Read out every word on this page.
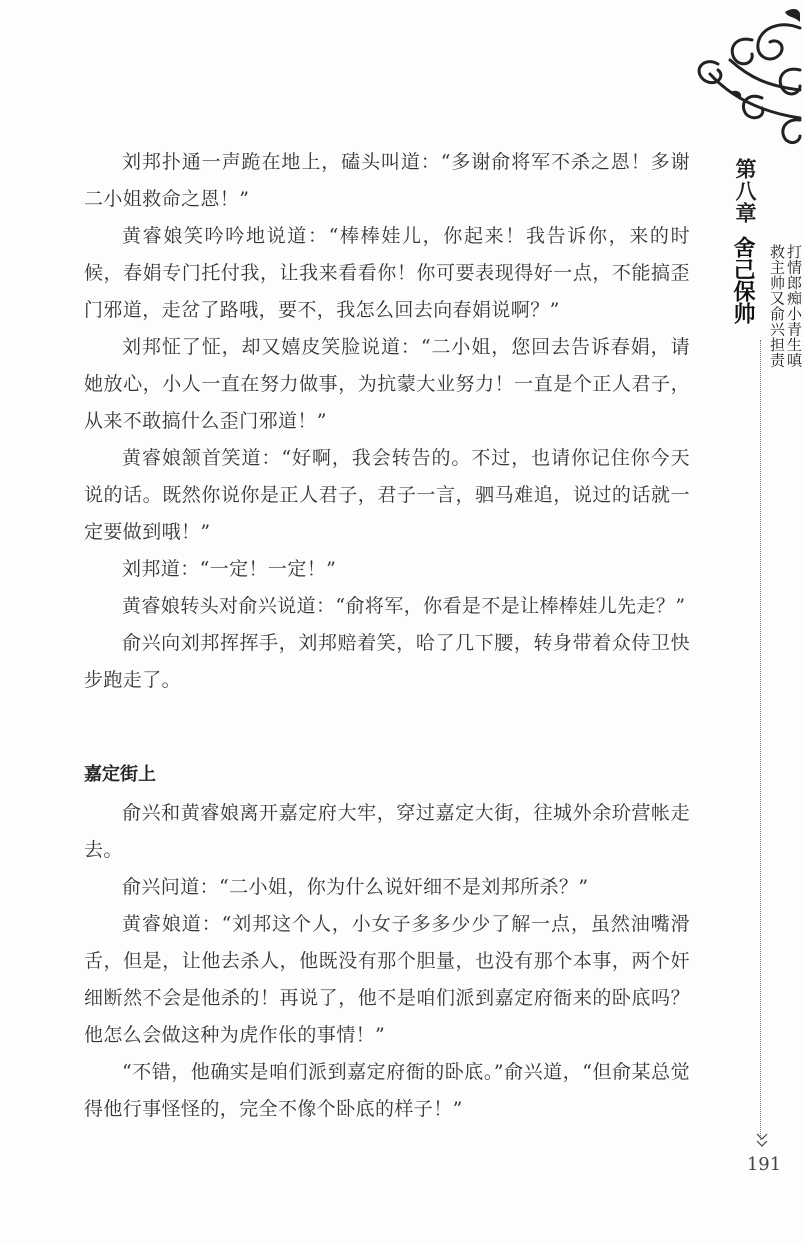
第八章
舍己保帅 救主帅又俞兴担责 打情郎痴小青生嗔

刘邦扑通一声跪在地上，磕头叫道：“多谢俞将军不杀之恩！多谢二小姐救命之恩！”

黄睿娘笑吟吟地说道：“棒棒娃儿，你起来！我告诉你，来的时候，春娟专门托付我，让我来看看你！你可要表现得好一点，不能搞歪门邪道，走岔了路哦，要不，我怎么回去向春娟说啊？”

刘邦怔了怔，却又嬉皮笑脸说道：“二小姐，您回去告诉春娟，请她放心，小人一直在努力做事，为抗蒙大业努力！一直是个正人君子，从来不敢搞什么歪门邪道！”

黄睿娘颔首笑道：“好啊，我会转告的。不过，也请你记住你今天说的话。既然你说你是正人君子，君子一言，驷马难追，说过的话就一定要做到哦！”

刘邦道：“一定！一定！”

黄睿娘转头对俞兴说道：“俞将军，你看是不是让棒棒娃儿先走？”

俞兴向刘邦挥挥手，刘邦赔着笑，哈了几下腰，转身带着众侍卫快步跑走了。

嘉定街上

俞兴和黄睿娘离开嘉定府大牢，穿过嘉定大街，往城外余玠营帐走去。

俞兴问道：“二小姐，你为什么说奸细不是刘邦所杀？”

黄睿娘道：“刘邦这个人，小女子多多少少了解一点，虽然油嘴滑舌，但是，让他去杀人，他既没有那个胆量，也没有那个本事，两个奸细断然不会是他杀的！再说了，他不是咱们派到嘉定府衙来的卧底吗？他怎么会做这种为虎作伥的事情！”

“不错，他确实是咱们派到嘉定府衙的卧底。”俞兴道，“但俞某总觉得他行事怪怪的，完全不像个卧底的样子！”

191
